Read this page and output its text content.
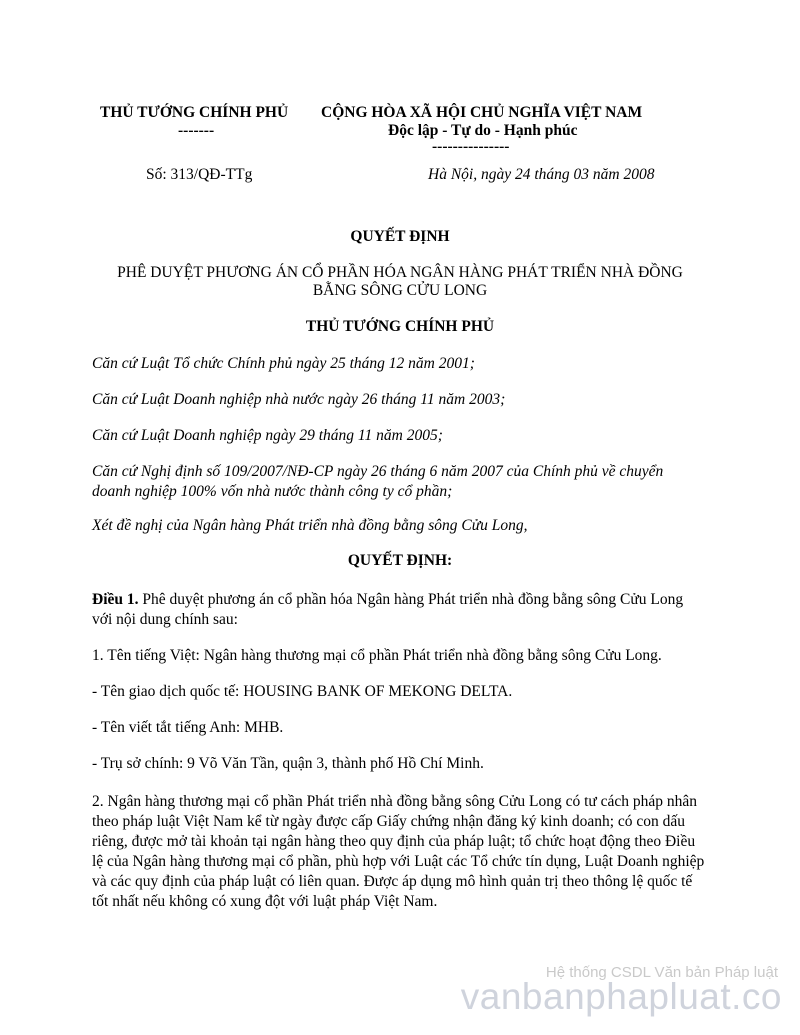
THỦ TƯỚNG CHÍNH PHỦ
-------
CỘNG HÒA XÃ HỘI CHỦ NGHĨA VIỆT NAM
Độc lập - Tự do - Hạnh phúc
---------------
Số: 313/QĐ-TTg	Hà Nội, ngày 24 tháng 03 năm 2008
QUYẾT ĐỊNH
PHÊ DUYỆT PHƯƠNG ÁN CỔ PHẦN HÓA NGÂN HÀNG PHÁT TRIỂN NHÀ ĐỒNG
BẰNG SÔNG CỬU LONG
THỦ TƯỚNG CHÍNH PHỦ
Căn cứ Luật Tổ chức Chính phủ ngày 25 tháng 12 năm 2001;
Căn cứ Luật Doanh nghiệp nhà nước ngày 26 tháng 11 năm 2003;
Căn cứ Luật Doanh nghiệp ngày 29 tháng 11 năm 2005;
Căn cứ Nghị định số 109/2007/NĐ-CP ngày 26 tháng 6 năm 2007 của Chính phủ về chuyển doanh nghiệp 100% vốn nhà nước thành công ty cổ phần;
Xét đề nghị của Ngân hàng Phát triển nhà đồng bằng sông Cửu Long,
QUYẾT ĐỊNH:
Điều 1. Phê duyệt phương án cổ phần hóa Ngân hàng Phát triển nhà đồng bằng sông Cửu Long với nội dung chính sau:
1. Tên tiếng Việt: Ngân hàng thương mại cổ phần Phát triển nhà đồng bằng sông Cửu Long.
- Tên giao dịch quốc tế: HOUSING BANK OF MEKONG DELTA.
- Tên viết tắt tiếng Anh: MHB.
- Trụ sở chính: 9 Võ Văn Tần, quận 3, thành phố Hồ Chí Minh.
2. Ngân hàng thương mại cổ phần Phát triển nhà đồng bằng sông Cửu Long có tư cách pháp nhân theo pháp luật Việt Nam kể từ ngày được cấp Giấy chứng nhận đăng ký kinh doanh; có con dấu riêng, được mở tài khoản tại ngân hàng theo quy định của pháp luật; tổ chức hoạt động theo Điều lệ của Ngân hàng thương mại cổ phần, phù hợp với Luật các Tổ chức tín dụng, Luật Doanh nghiệp và các quy định của pháp luật có liên quan. Được áp dụng mô hình quản trị theo thông lệ quốc tế tốt nhất nếu không có xung đột với luật pháp Việt Nam.
Hệ thống CSDL Văn bản Pháp luật
vanbanphapluat.co
